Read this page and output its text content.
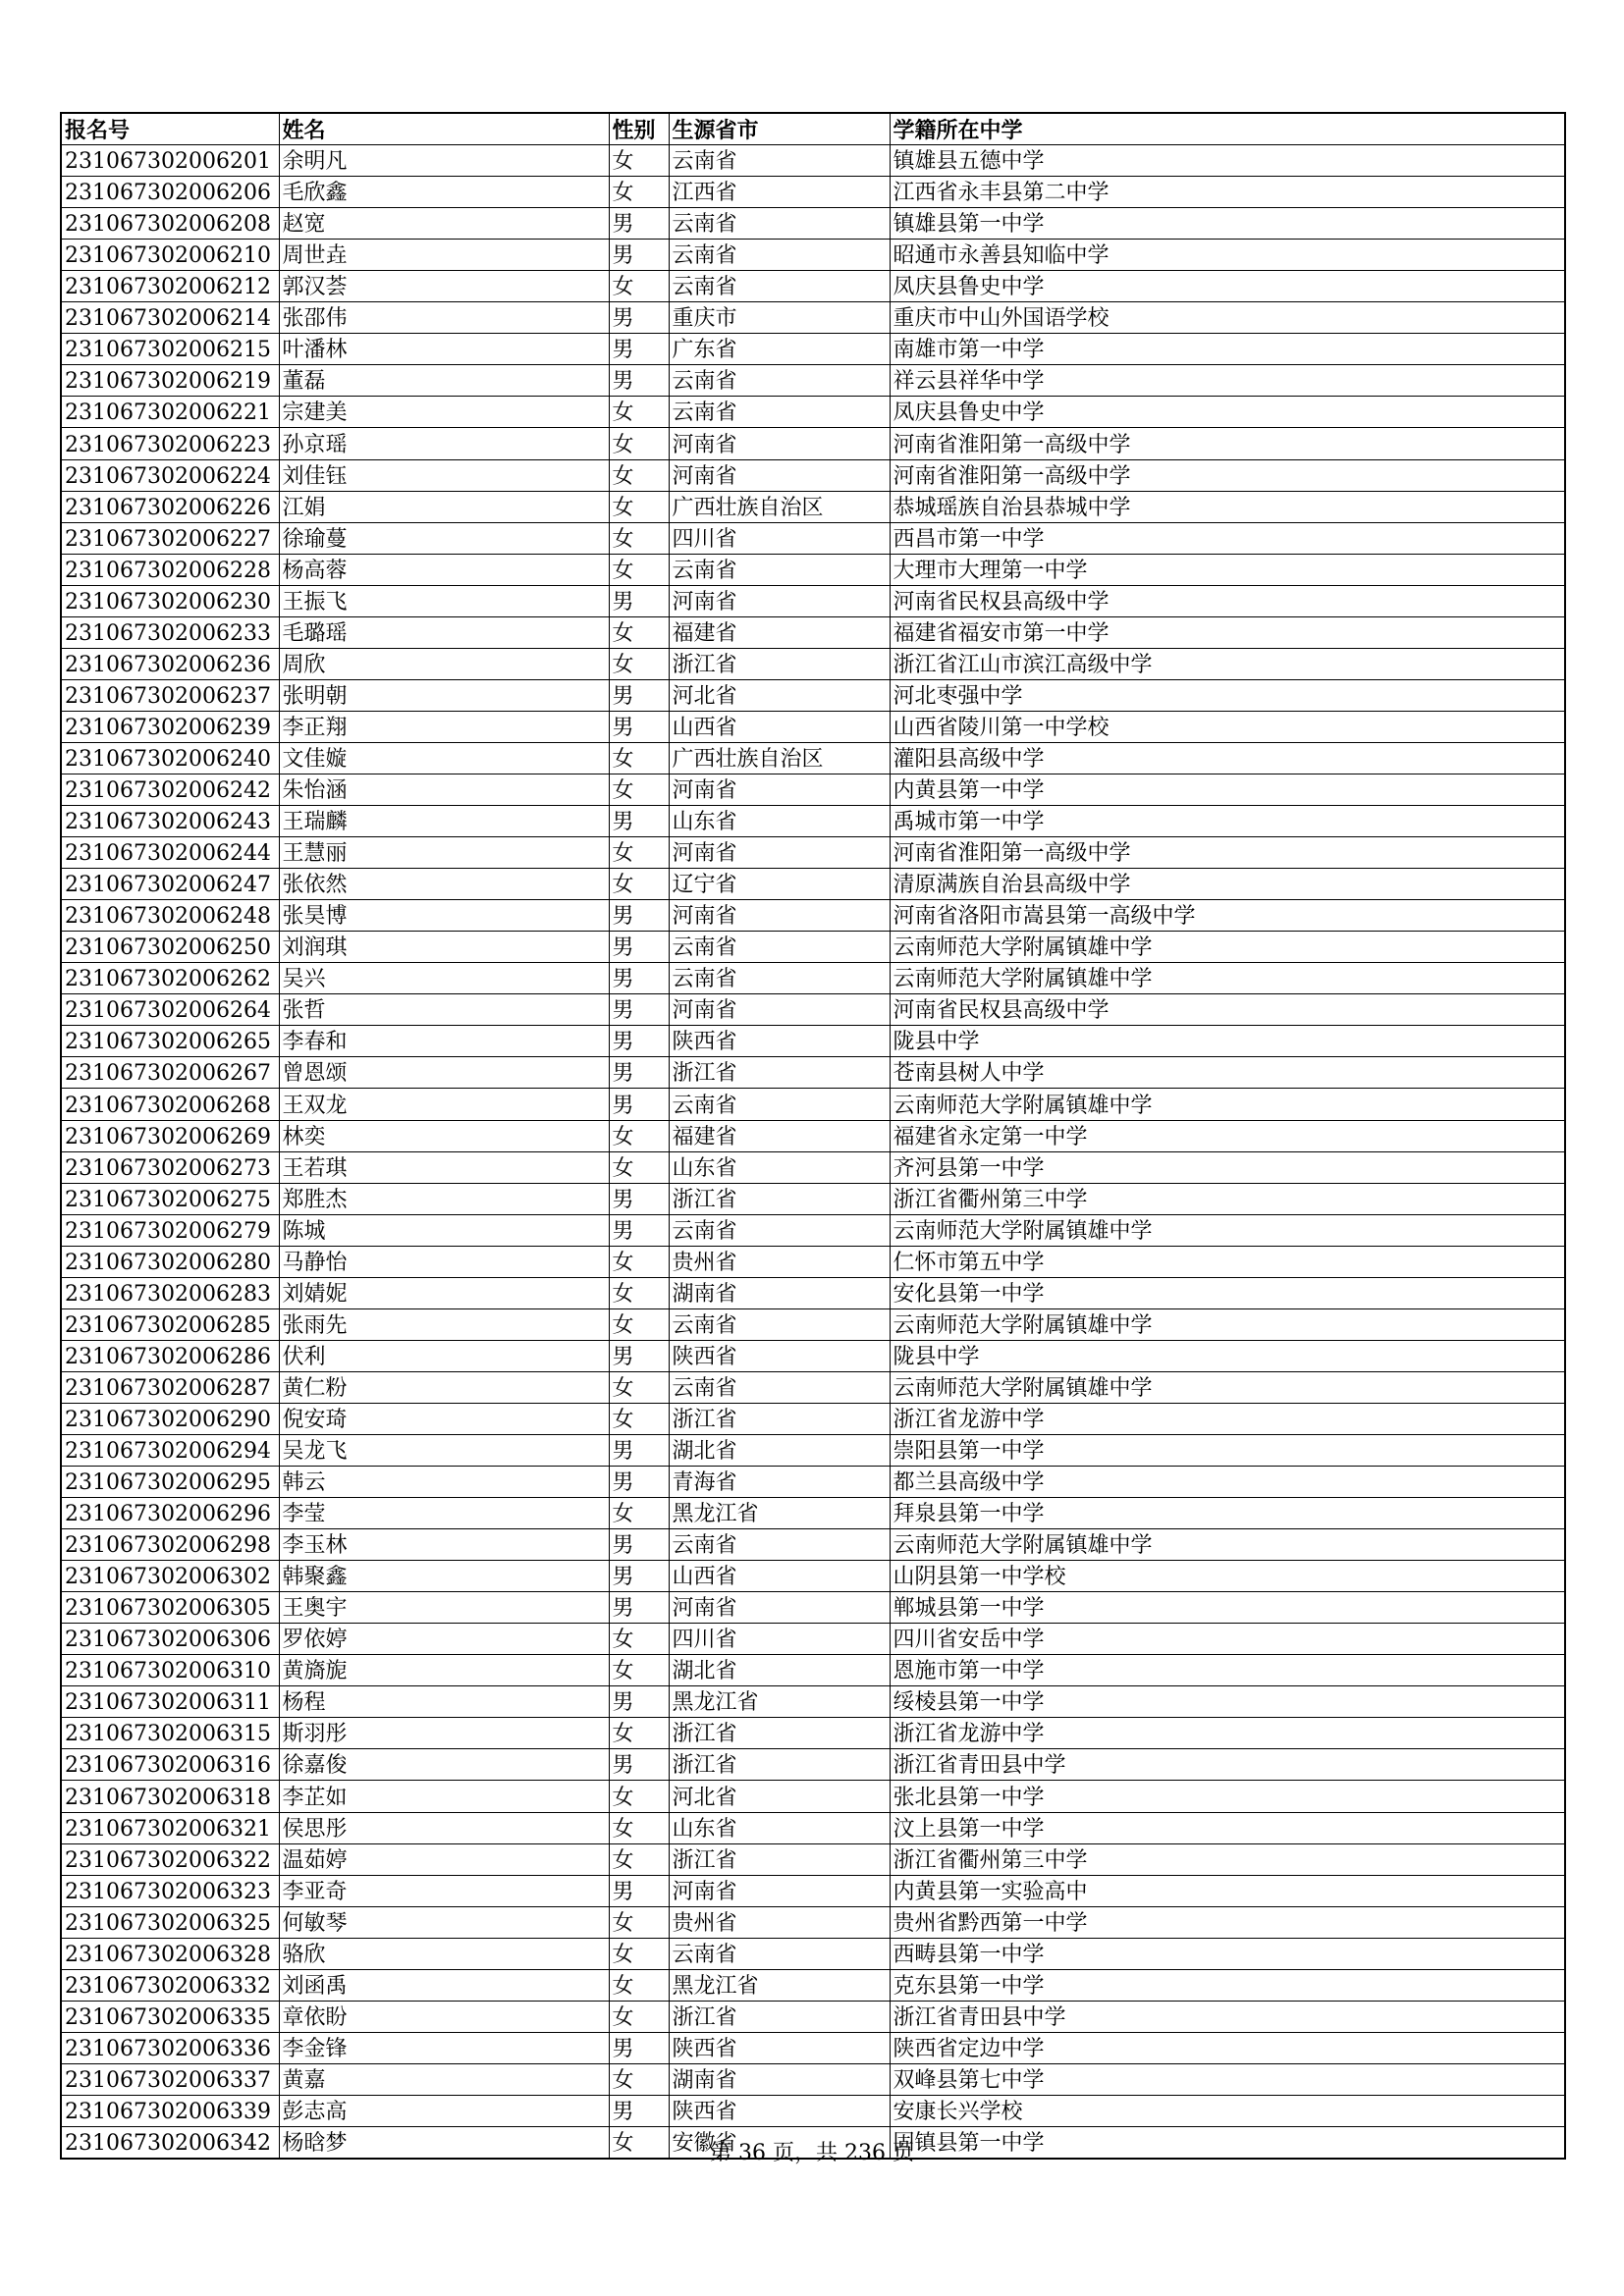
报名号	姓名	性别	生源省市	学籍所在中学
231067302006201	余明凡	女	云南省	镇雄县五德中学
231067302006206	毛欣鑫	女	江西省	江西省永丰县第二中学
231067302006208	赵宽	男	云南省	镇雄县第一中学
231067302006210	周世垚	男	云南省	昭通市永善县知临中学
231067302006212	郭汉荟	女	云南省	凤庆县鲁史中学
231067302006214	张邵伟	男	重庆市	重庆市中山外国语学校
231067302006215	叶潘林	男	广东省	南雄市第一中学
231067302006219	董磊	男	云南省	祥云县祥华中学
231067302006221	宗建美	女	云南省	凤庆县鲁史中学
231067302006223	孙京瑶	女	河南省	河南省淮阳第一高级中学
231067302006224	刘佳钰	女	河南省	河南省淮阳第一高级中学
231067302006226	江娟	女	广西壮族自治区	恭城瑶族自治县恭城中学
231067302006227	徐瑜蔓	女	四川省	西昌市第一中学
231067302006228	杨高蓉	女	云南省	大理市大理第一中学
231067302006230	王振飞	男	河南省	河南省民权县高级中学
231067302006233	毛璐瑶	女	福建省	福建省福安市第一中学
231067302006236	周欣	女	浙江省	浙江省江山市滨江高级中学
231067302006237	张明朝	男	河北省	河北枣强中学
231067302006239	李正翔	男	山西省	山西省陵川第一中学校
231067302006240	文佳嫙	女	广西壮族自治区	灌阳县高级中学
231067302006242	朱怡涵	女	河南省	内黄县第一中学
231067302006243	王瑞麟	男	山东省	禹城市第一中学
231067302006244	王慧丽	女	河南省	河南省淮阳第一高级中学
231067302006247	张依然	女	辽宁省	清原满族自治县高级中学
231067302006248	张昊博	男	河南省	河南省洛阳市嵩县第一高级中学
231067302006250	刘润琪	男	云南省	云南师范大学附属镇雄中学
231067302006262	吴兴	男	云南省	云南师范大学附属镇雄中学
231067302006264	张哲	男	河南省	河南省民权县高级中学
231067302006265	李春和	男	陕西省	陇县中学
231067302006267	曾恩颂	男	浙江省	苍南县树人中学
231067302006268	王双龙	男	云南省	云南师范大学附属镇雄中学
231067302006269	林奕	女	福建省	福建省永定第一中学
231067302006273	王若琪	女	山东省	齐河县第一中学
231067302006275	郑胜杰	男	浙江省	浙江省衢州第三中学
231067302006279	陈城	男	云南省	云南师范大学附属镇雄中学
231067302006280	马静怡	女	贵州省	仁怀市第五中学
231067302006283	刘婧妮	女	湖南省	安化县第一中学
231067302006285	张雨先	女	云南省	云南师范大学附属镇雄中学
231067302006286	伏利	男	陕西省	陇县中学
231067302006287	黄仁粉	女	云南省	云南师范大学附属镇雄中学
231067302006290	倪安琦	女	浙江省	浙江省龙游中学
231067302006294	吴龙飞	男	湖北省	崇阳县第一中学
231067302006295	韩云	男	青海省	都兰县高级中学
231067302006296	李莹	女	黑龙江省	拜泉县第一中学
231067302006298	李玉林	男	云南省	云南师范大学附属镇雄中学
231067302006302	韩聚鑫	男	山西省	山阴县第一中学校
231067302006305	王奥宇	男	河南省	郸城县第一中学
231067302006306	罗依婷	女	四川省	四川省安岳中学
231067302006310	黄旖旎	女	湖北省	恩施市第一中学
231067302006311	杨程	男	黑龙江省	绥棱县第一中学
231067302006315	斯羽彤	女	浙江省	浙江省龙游中学
231067302006316	徐嘉俊	男	浙江省	浙江省青田县中学
231067302006318	李芷如	女	河北省	张北县第一中学
231067302006321	侯思彤	女	山东省	汶上县第一中学
231067302006322	温茹婷	女	浙江省	浙江省衢州第三中学
231067302006323	李亚奇	男	河南省	内黄县第一实验高中
231067302006325	何敏琴	女	贵州省	贵州省黔西第一中学
231067302006328	骆欣	女	云南省	西畴县第一中学
231067302006332	刘函禹	女	黑龙江省	克东县第一中学
231067302006335	章依盼	女	浙江省	浙江省青田县中学
231067302006336	李金锋	男	陕西省	陕西省定边中学
231067302006337	黄嘉	女	湖南省	双峰县第七中学
231067302006339	彭志高	男	陕西省	安康长兴学校
231067302006342	杨晗梦	女	安徽省	固镇县第一中学
第 36 页，共 236 页
